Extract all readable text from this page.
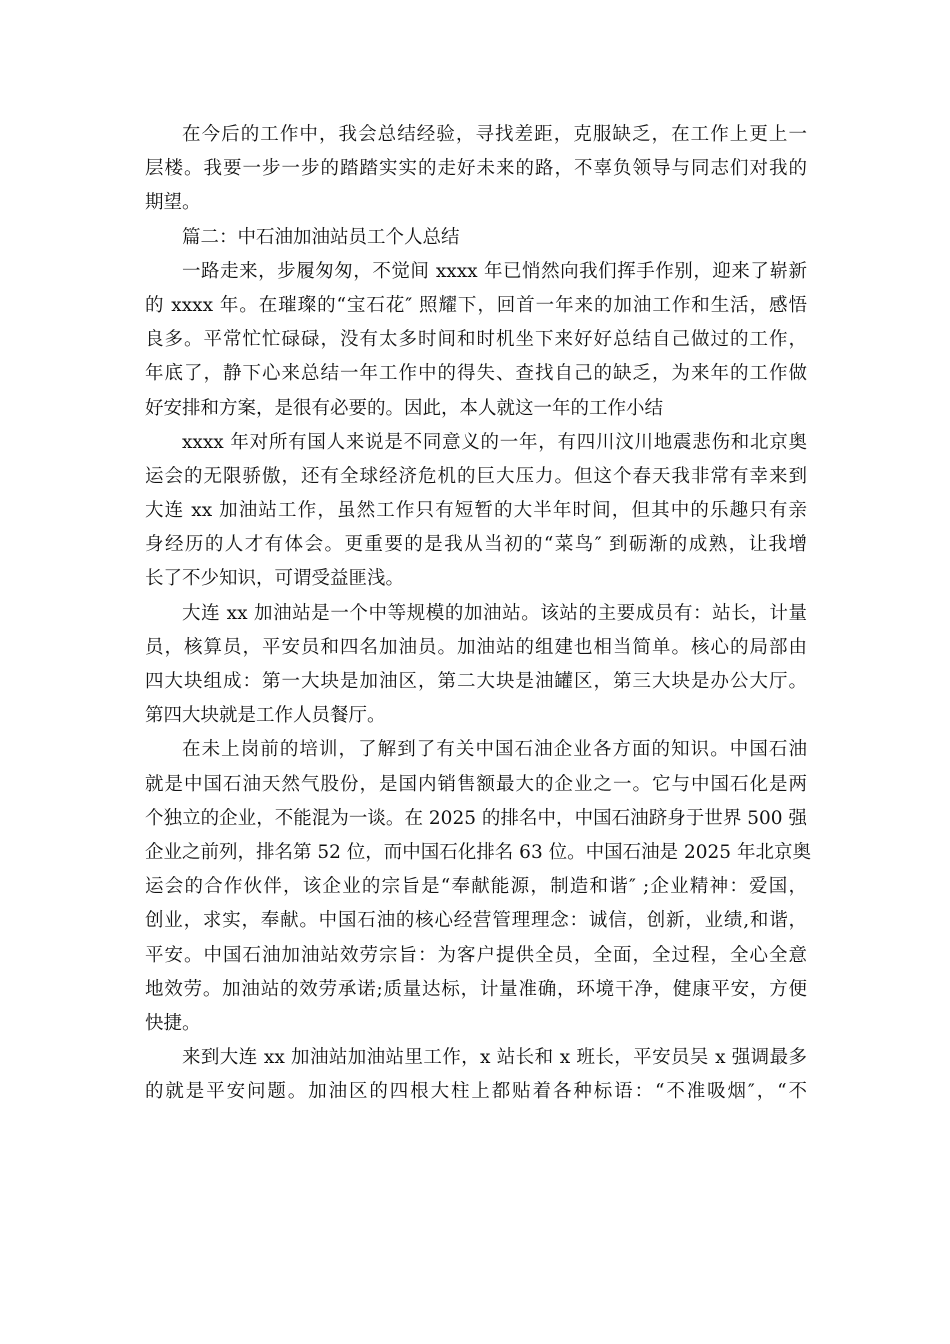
在今后的工作中，我会总结经验，寻找差距，克服缺乏，在工作上更上一
层楼。我要一步一步的踏踏实实的走好未来的路，不辜负领导与同志们对我的
期望。
篇二：中石油加油站员工个人总结
一路走来，步履匆匆，不觉间 xxxx 年已悄然向我们挥手作别，迎来了崭新
的 xxxx 年。在璀璨的“宝石花″ 照耀下，回首一年来的加油工作和生活，感悟
良多。平常忙忙碌碌，没有太多时间和时机坐下来好好总结自己做过的工作，
年底了，静下心来总结一年工作中的得失、查找自己的缺乏，为来年的工作做
好安排和方案，是很有必要的。因此，本人就这一年的工作小结
xxxx 年对所有国人来说是不同意义的一年，有四川汶川地震悲伤和北京奥
运会的无限骄傲，还有全球经济危机的巨大压力。但这个春天我非常有幸来到
大连 xx 加油站工作，虽然工作只有短暂的大半年时间，但其中的乐趣只有亲
身经历的人才有体会。更重要的是我从当初的“菜鸟″ 到砺渐的成熟，让我增
长了不少知识，可谓受益匪浅。
大连 xx 加油站是一个中等规模的加油站。该站的主要成员有：站长，计量
员，核算员，平安员和四名加油员。加油站的组建也相当简单。核心的局部由
四大块组成：第一大块是加油区，第二大块是油罐区，第三大块是办公大厅。
第四大块就是工作人员餐厅。
在未上岗前的培训，了解到了有关中国石油企业各方面的知识。中国石油
就是中国石油天然气股份，是国内销售额最大的企业之一。它与中国石化是两
个独立的企业，不能混为一谈。在 2025 的排名中，中国石油跻身于世界 500 强
企业之前列，排名第 52 位，而中国石化排名 63 位。中国石油是 2025 年北京奥
运会的合作伙伴，该企业的宗旨是“奉献能源，制造和谐″ ;企业精神：爱国，
创业，求实，奉献。中国石油的核心经营管理理念：诚信，创新，业绩,和谐，
平安。中国石油加油站效劳宗旨：为客户提供全员，全面，全过程，全心全意
地效劳。加油站的效劳承诺;质量达标，计量准确，环境干净，健康平安，方便
快捷。
来到大连 xx 加油站加油站里工作，x 站长和 x 班长，平安员吴 x 强调最多
的就是平安问题。加油区的四根大柱上都贴着各种标语：“不准吸烟″，“不
